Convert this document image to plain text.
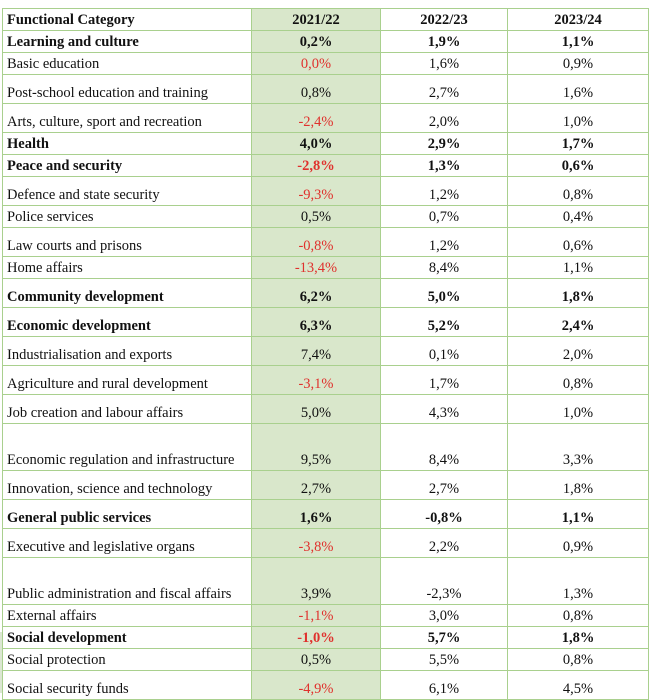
Functional Category	2021/22	2022/23	2023/24
Learning and culture	0,2%	1,9%	1,1%
Basic education	0,0%	1,6%	0,9%
Post-school education and training	0,8%	2,7%	1,6%
Arts, culture, sport and recreation	-2,4%	2,0%	1,0%
Health	4,0%	2,9%	1,7%
Peace and security	-2,8%	1,3%	0,6%
Defence and state security	-9,3%	1,2%	0,8%
Police services	0,5%	0,7%	0,4%
Law courts and prisons	-0,8%	1,2%	0,6%
Home affairs	-13,4%	8,4%	1,1%
Community development	6,2%	5,0%	1,8%
Economic development	6,3%	5,2%	2,4%
Industrialisation and exports	7,4%	0,1%	2,0%
Agriculture and rural development	-3,1%	1,7%	0,8%
Job creation and labour affairs	5,0%	4,3%	1,0%
Economic regulation and infrastructure	9,5%	8,4%	3,3%
Innovation, science and technology	2,7%	2,7%	1,8%
General public services	1,6%	-0,8%	1,1%
Executive and legislative organs	-3,8%	2,2%	0,9%
Public administration and fiscal affairs	3,9%	-2,3%	1,3%
External affairs	-1,1%	3,0%	0,8%
Social development	-1,0%	5,7%	1,8%
Social protection	0,5%	5,5%	0,8%
Social security funds	-4,9%	6,1%	4,5%
